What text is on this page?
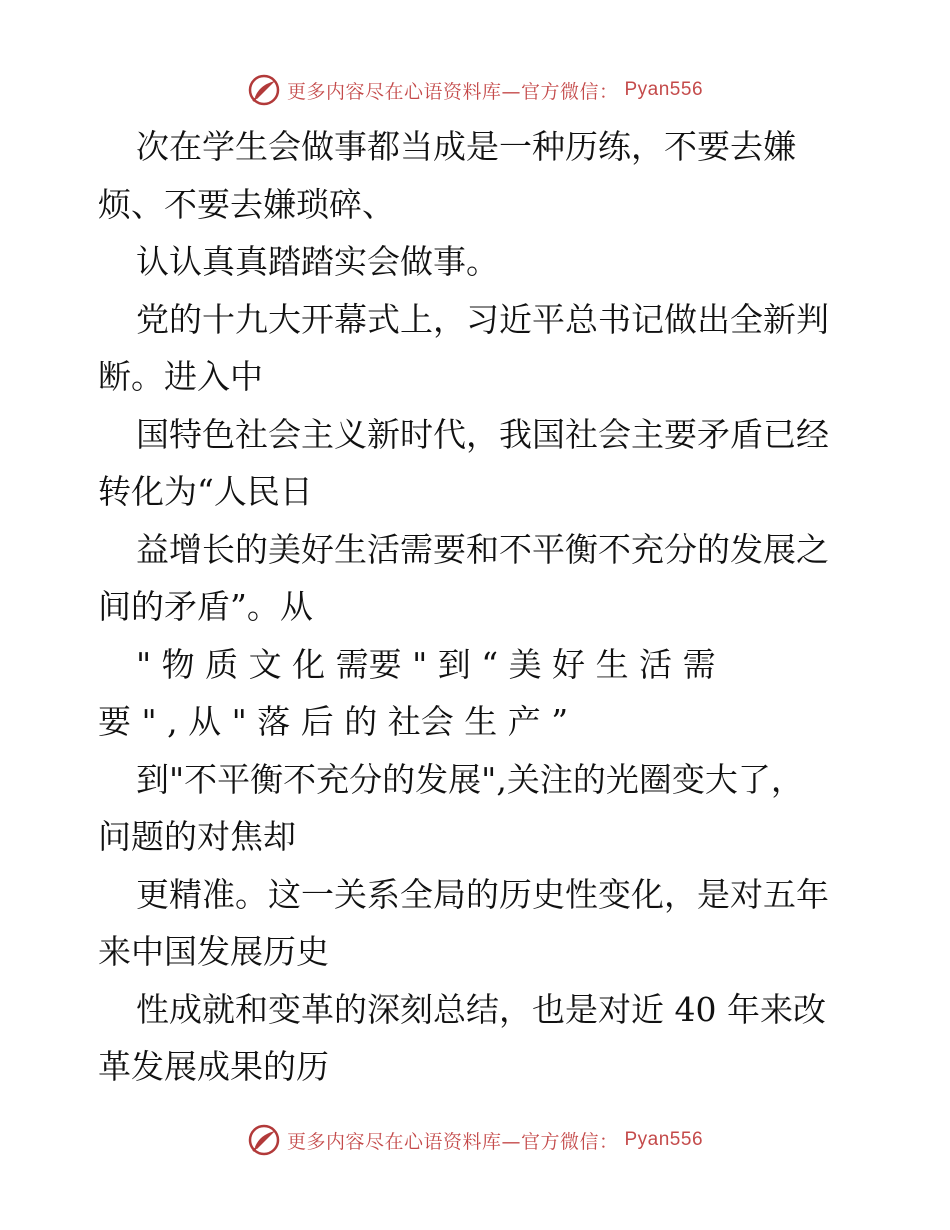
更多内容尽在心语资料库—官方微信： Pyan556
次在学生会做事都当成是一种历练，不要去嫌
烦、不要去嫌琐碎、
认认真真踏踏实会做事。
党的十九大开幕式上，习近平总书记做出全新判
断。进入中
国特色社会主义新时代，我国社会主要矛盾已经
转化为“人民日
益增长的美好生活需要和不平衡不充分的发展之
间的矛盾”。从
" 物 质 文 化 需要 " 到 “ 美 好 生 活 需
要 " , 从 " 落 后 的 社会 生 产 ”
到"不平衡不充分的发展",关注的光圈变大了，
问题的对焦却
更精准。这一关系全局的历史性变化，是对五年
来中国发展历史
性成就和变革的深刻总结，也是对近 40 年来改
革发展成果的历
更多内容尽在心语资料库—官方微信： Pyan556
